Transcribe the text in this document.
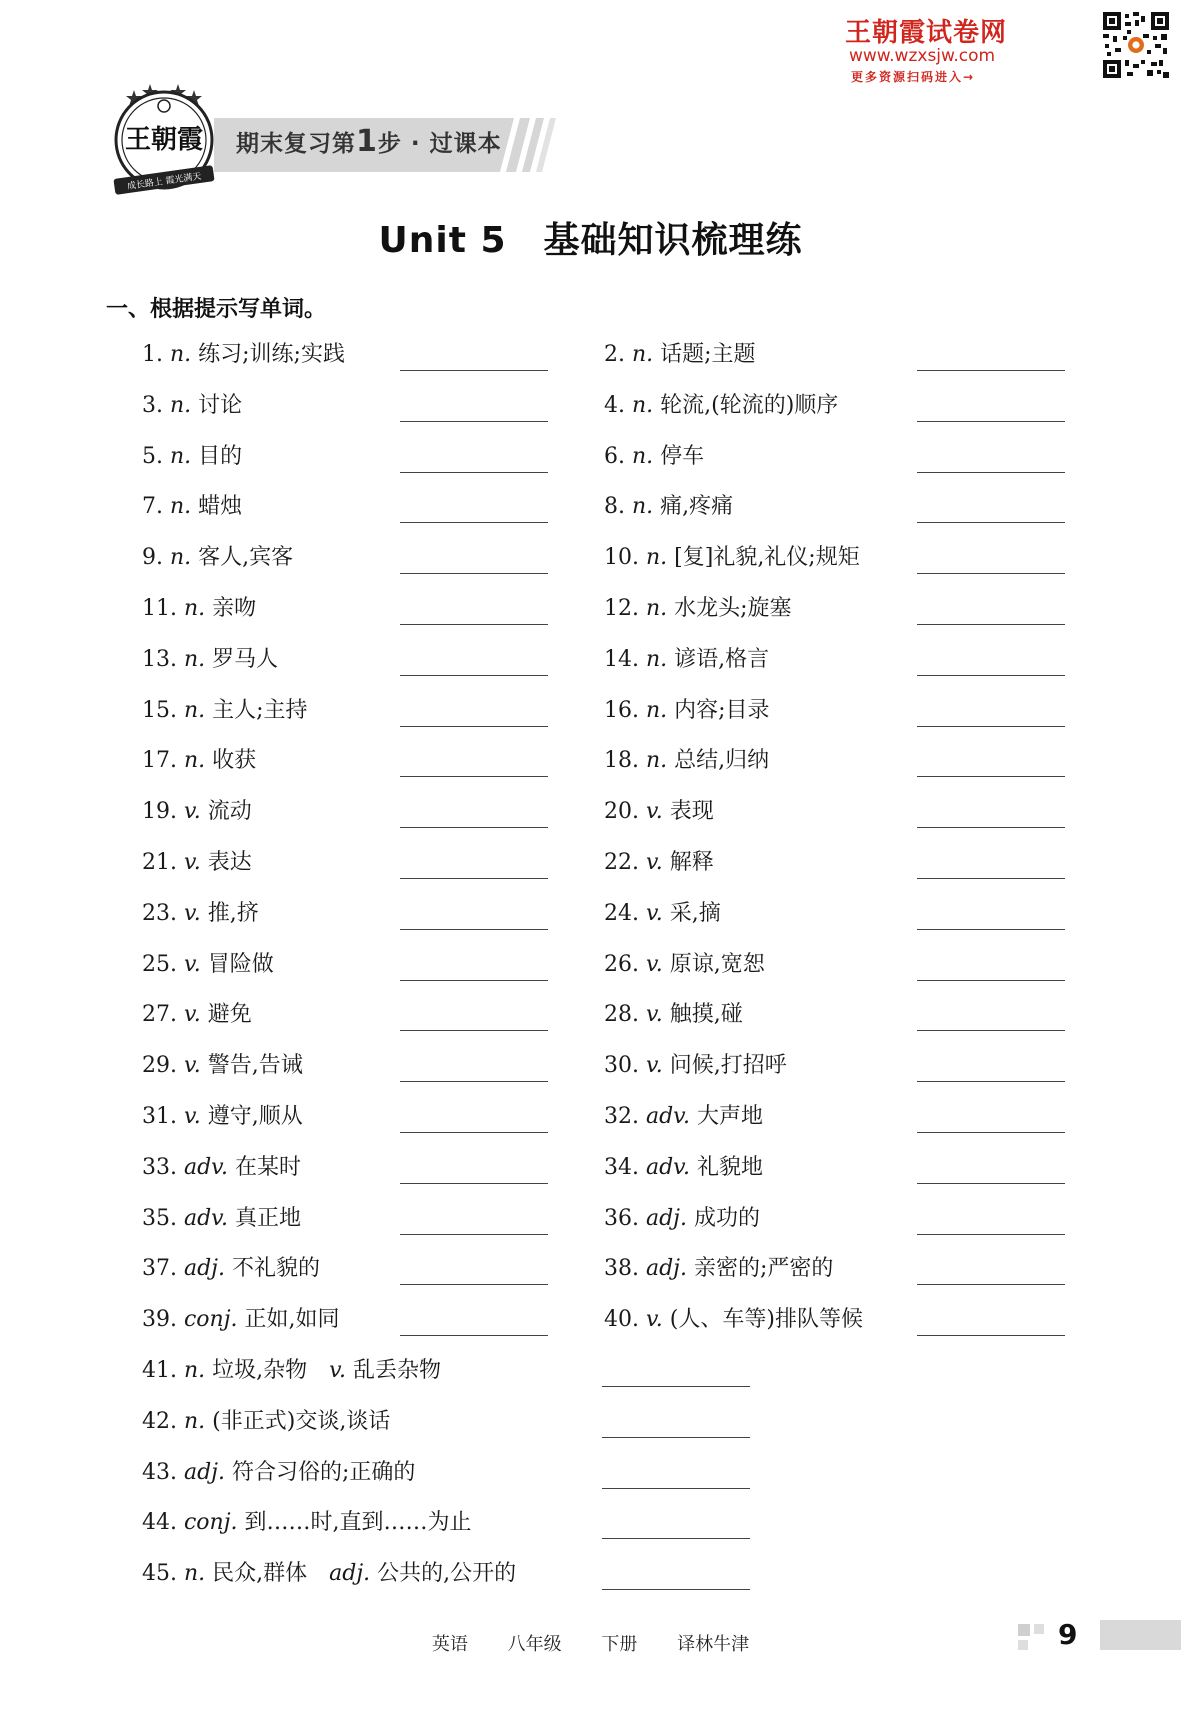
王朝霞试卷网
www.wzxsjw.com
更多资源扫码进入→
王朝霞
成长路上 霞光满天
期末复习第1步 · 过课本
Unit 5　基础知识梳理练
一、根据提示写单词。
1. n. 练习;训练;实践	2. n. 话题;主题
3. n. 讨论	4. n. 轮流,(轮流的)顺序
5. n. 目的	6. n. 停车
7. n. 蜡烛	8. n. 痛,疼痛
9. n. 客人,宾客	10. n. [复]礼貌,礼仪;规矩
11. n. 亲吻	12. n. 水龙头;旋塞
13. n. 罗马人	14. n. 谚语,格言
15. n. 主人;主持	16. n. 内容;目录
17. n. 收获	18. n. 总结,归纳
19. v. 流动	20. v. 表现
21. v. 表达	22. v. 解释
23. v. 推,挤	24. v. 采,摘
25. v. 冒险做	26. v. 原谅,宽恕
27. v. 避免	28. v. 触摸,碰
29. v. 警告,告诫	30. v. 问候,打招呼
31. v. 遵守,顺从	32. adv. 大声地
33. adv. 在某时	34. adv. 礼貌地
35. adv. 真正地	36. adj. 成功的
37. adj. 不礼貌的	38. adj. 亲密的;严密的
39. conj. 正如,如同	40. v. (人、车等)排队等候
41. n. 垃圾,杂物　v. 乱丢杂物
42. n. (非正式)交谈,谈话
43. adj. 符合习俗的;正确的
44. conj. 到……时,直到……为止
45. n. 民众,群体　adj. 公共的,公开的
英语 八年级 下册 译林牛津	9
